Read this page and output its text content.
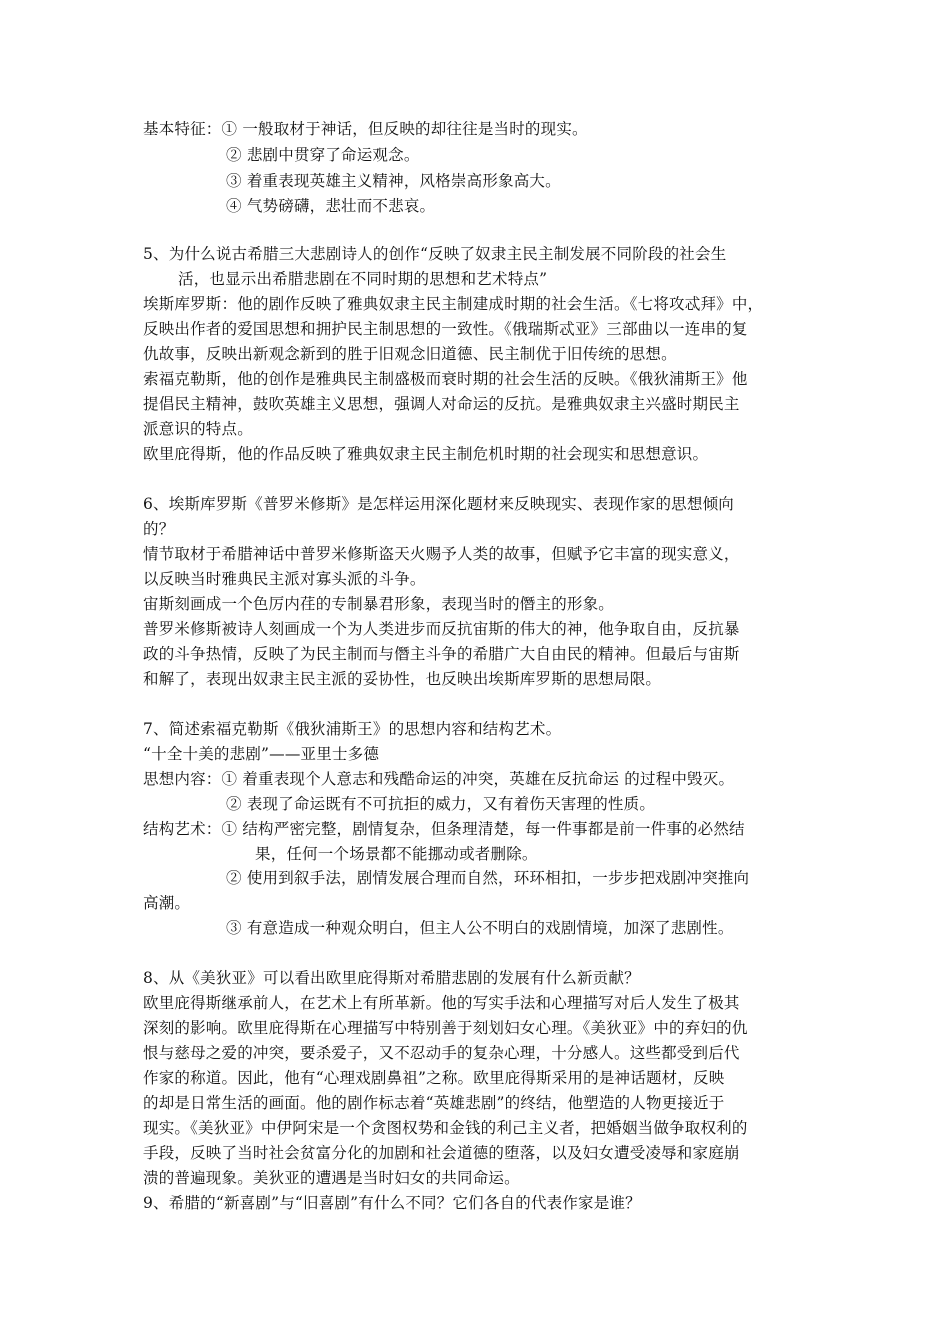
基本特征：① 一般取材于神话，但反映的却往往是当时的现实。
② 悲剧中贯穿了命运观念。
③ 着重表现英雄主义精神，风格崇高形象高大。
④ 气势磅礴，悲壮而不悲哀。
5、为什么说古希腊三大悲剧诗人的创作“反映了奴隶主民主制发展不同阶段的社会生
活，也显示出希腊悲剧在不同时期的思想和艺术特点”
埃斯库罗斯：他的剧作反映了雅典奴隶主民主制建成时期的社会生活。《七将攻忒拜》中，
反映出作者的爱国思想和拥护民主制思想的一致性。《俄瑞斯忒亚》三部曲以一连串的复
仇故事，反映出新观念新到的胜于旧观念旧道德、民主制优于旧传统的思想。
索福克勒斯，他的创作是雅典民主制盛极而衰时期的社会生活的反映。《俄狄浦斯王》他
提倡民主精神，鼓吹英雄主义思想，强调人对命运的反抗。是雅典奴隶主兴盛时期民主
派意识的特点。
欧里庇得斯，他的作品反映了雅典奴隶主民主制危机时期的社会现实和思想意识。
6、埃斯库罗斯《普罗米修斯》是怎样运用深化题材来反映现实、表现作家的思想倾向
的？
情节取材于希腊神话中普罗米修斯盗天火赐予人类的故事，但赋予它丰富的现实意义，
以反映当时雅典民主派对寡头派的斗争。
宙斯刻画成一个色厉内荏的专制暴君形象，表现当时的僭主的形象。
普罗米修斯被诗人刻画成一个为人类进步而反抗宙斯的伟大的神，他争取自由，反抗暴
政的斗争热情，反映了为民主制而与僭主斗争的希腊广大自由民的精神。但最后与宙斯
和解了，表现出奴隶主民主派的妥协性，也反映出埃斯库罗斯的思想局限。
7、简述索福克勒斯《俄狄浦斯王》的思想内容和结构艺术。
“十全十美的悲剧”——亚里士多德
思想内容：① 着重表现个人意志和残酷命运的冲突，英雄在反抗命运 的过程中毁灭。
② 表现了命运既有不可抗拒的威力，又有着伤天害理的性质。
结构艺术：① 结构严密完整，剧情复杂，但条理清楚，每一件事都是前一件事的必然结
果，任何一个场景都不能挪动或者删除。
② 使用到叙手法，剧情发展合理而自然，环环相扣，一步步把戏剧冲突推向
高潮。
③ 有意造成一种观众明白，但主人公不明白的戏剧情境，加深了悲剧性。
8、从《美狄亚》可以看出欧里庇得斯对希腊悲剧的发展有什么新贡献？
欧里庇得斯继承前人，在艺术上有所革新。他的写实手法和心理描写对后人发生了极其
深刻的影响。欧里庇得斯在心理描写中特别善于刻划妇女心理。《美狄亚》中的弃妇的仇
恨与慈母之爱的冲突，要杀爱子，又不忍动手的复杂心理，十分感人。这些都受到后代
作家的称道。因此，他有“心理戏剧鼻祖”之称。欧里庇得斯采用的是神话题材，反映
的却是日常生活的画面。他的剧作标志着“英雄悲剧”的终结，他塑造的人物更接近于
现实。《美狄亚》中伊阿宋是一个贪图权势和金钱的利己主义者，把婚姻当做争取权利的
手段，反映了当时社会贫富分化的加剧和社会道德的堕落，以及妇女遭受凌辱和家庭崩
溃的普遍现象。美狄亚的遭遇是当时妇女的共同命运。
9、希腊的“新喜剧”与“旧喜剧”有什么不同？它们各自的代表作家是谁？
